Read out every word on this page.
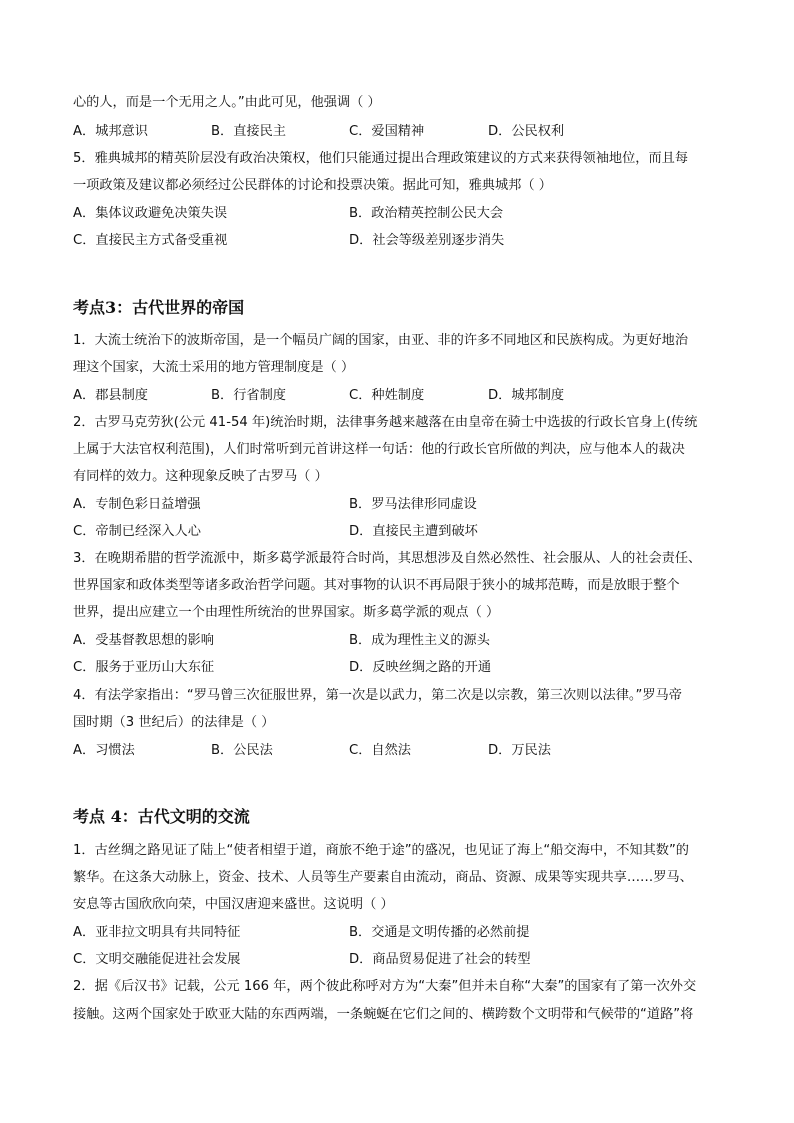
心的人，而是一个无用之人。”由此可见，他强调（ ）
A．城邦意识	B．直接民主	C．爱国精神	D．公民权利
5．雅典城邦的精英阶层没有政治决策权，他们只能通过提出合理政策建议的方式来获得领袖地位，而且每
一项政策及建议都必须经过公民群体的讨论和投票决策。据此可知，雅典城邦（ ）
A．集体议政避免决策失误	B．政治精英控制公民大会
C．直接民主方式备受重视	D．社会等级差别逐步消失
考点3：古代世界的帝国
1．大流士统治下的波斯帝国，是一个幅员广阔的国家，由亚、非的许多不同地区和民族构成。为更好地治
理这个国家，大流士采用的地方管理制度是（ ）
A．郡县制度	B．行省制度	C．种姓制度	D．城邦制度
2．古罗马克劳狄(公元 41-54 年)统治时期，法律事务越来越落在由皇帝在骑士中选拔的行政长官身上(传统
上属于大法官权利范围)，人们时常听到元首讲这样一句话：他的行政长官所做的判决，应与他本人的裁决
有同样的效力。这种现象反映了古罗马（ ）
A．专制色彩日益增强	B．罗马法律形同虚设
C．帝制已经深入人心	D．直接民主遭到破坏
3．在晚期希腊的哲学流派中，斯多葛学派最符合时尚，其思想涉及自然必然性、社会服从、人的社会责任、
世界国家和政体类型等诸多政治哲学问题。其对事物的认识不再局限于狭小的城邦范畴，而是放眼于整个
世界，提出应建立一个由理性所统治的世界国家。斯多葛学派的观点（ ）
A．受基督教思想的影响	B．成为理性主义的源头
C．服务于亚历山大东征	D．反映丝绸之路的开通
4．有法学家指出：“罗马曾三次征服世界，第一次是以武力，第二次是以宗教，第三次则以法律。”罗马帝
国时期（3 世纪后）的法律是（ ）
A．习惯法	B．公民法	C．自然法	D．万民法
考点 4：古代文明的交流
1．古丝绸之路见证了陆上“使者相望于道，商旅不绝于途”的盛况，也见证了海上“船交海中，不知其数”的
繁华。在这条大动脉上，资金、技术、人员等生产要素自由流动，商品、资源、成果等实现共享……罗马、
安息等古国欣欣向荣，中国汉唐迎来盛世。这说明（ ）
A．亚非拉文明具有共同特征	B．交通是文明传播的必然前提
C．文明交融能促进社会发展	D．商品贸易促进了社会的转型
2．据《后汉书》记载，公元 166 年，两个彼此称呼对方为“大秦”但并未自称“大秦”的国家有了第一次外交
接触。这两个国家处于欧亚大陆的东西两端，一条蜿蜒在它们之间的、横跨数个文明带和气候带的“道路”将
